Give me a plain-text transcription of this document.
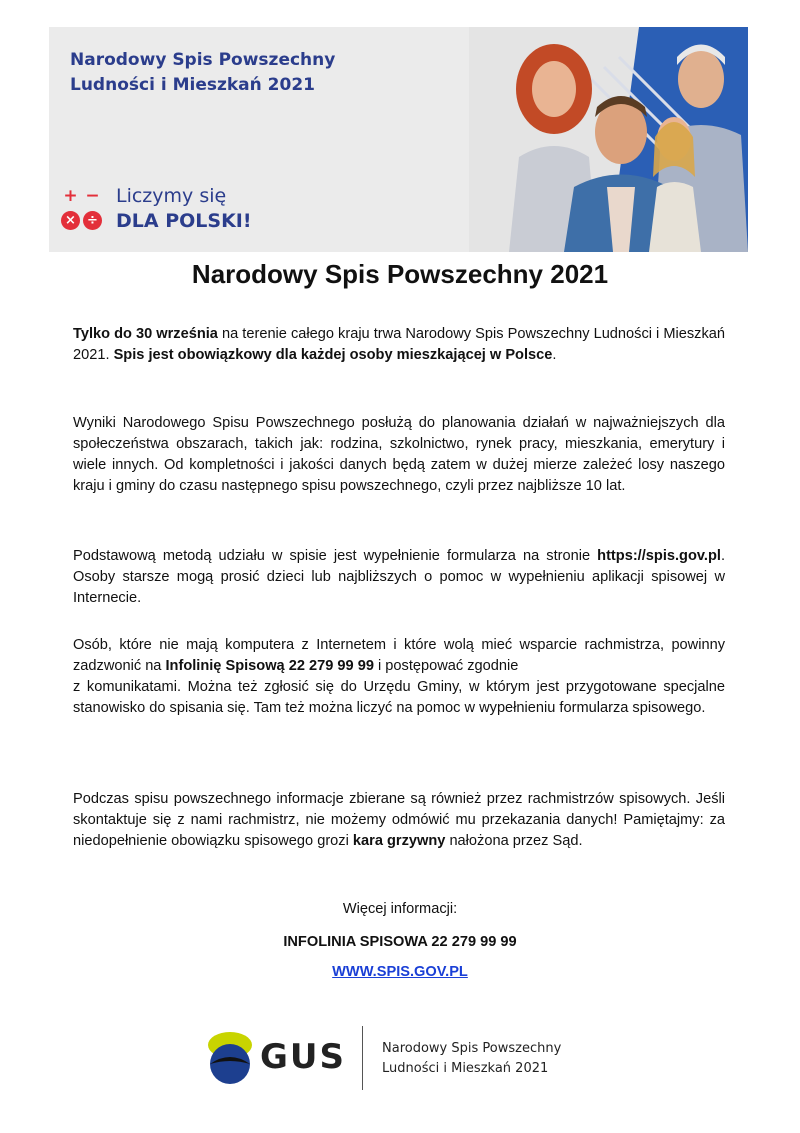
Narodowy Spis Powszechny
Ludności i Mieszkań 2021
+ −
× ÷
Liczymy się
DLA POLSKI!
Narodowy Spis Powszechny 2021
Tylko do 30 września na terenie całego kraju trwa Narodowy Spis Powszechny Ludności i Mieszkań 2021. Spis jest obowiązkowy dla każdej osoby mieszkającej w Polsce.
Wyniki Narodowego Spisu Powszechnego posłużą do planowania działań w najważniejszych dla społeczeństwa obszarach, takich jak: rodzina, szkolnictwo, rynek pracy, mieszkania, emerytury i wiele innych. Od kompletności i jakości danych będą zatem w dużej mierze zależeć losy naszego kraju i gminy do czasu następnego spisu powszechnego, czyli przez najbliższe 10 lat.
Podstawową metodą udziału w spisie jest wypełnienie formularza na stronie https://spis.gov.pl. Osoby starsze mogą prosić dzieci lub najbliższych o pomoc w wypełnieniu aplikacji spisowej w Internecie.
Osób, które nie mają komputera z Internetem i które wolą mieć wsparcie rachmistrza, powinny zadzwonić na Infolinię Spisową 22 279 99 99 i postępować zgodnie
z komunikatami. Można też zgłosić się do Urzędu Gminy, w którym jest przygotowane specjalne stanowisko do spisania się. Tam też można liczyć na pomoc w wypełnieniu formularza spisowego.
Podczas spisu powszechnego informacje zbierane są również przez rachmistrzów spisowych. Jeśli skontaktuje się z nami rachmistrz, nie możemy odmówić mu przekazania danych! Pamiętajmy: za niedopełnienie obowiązku spisowego grozi kara grzywny nałożona przez Sąd.
Więcej informacji:
INFOLINIA SPISOWA 22 279 99 99
WWW.SPIS.GOV.PL
GUS	Narodowy Spis Powszechny
Ludności i Mieszkań 2021
